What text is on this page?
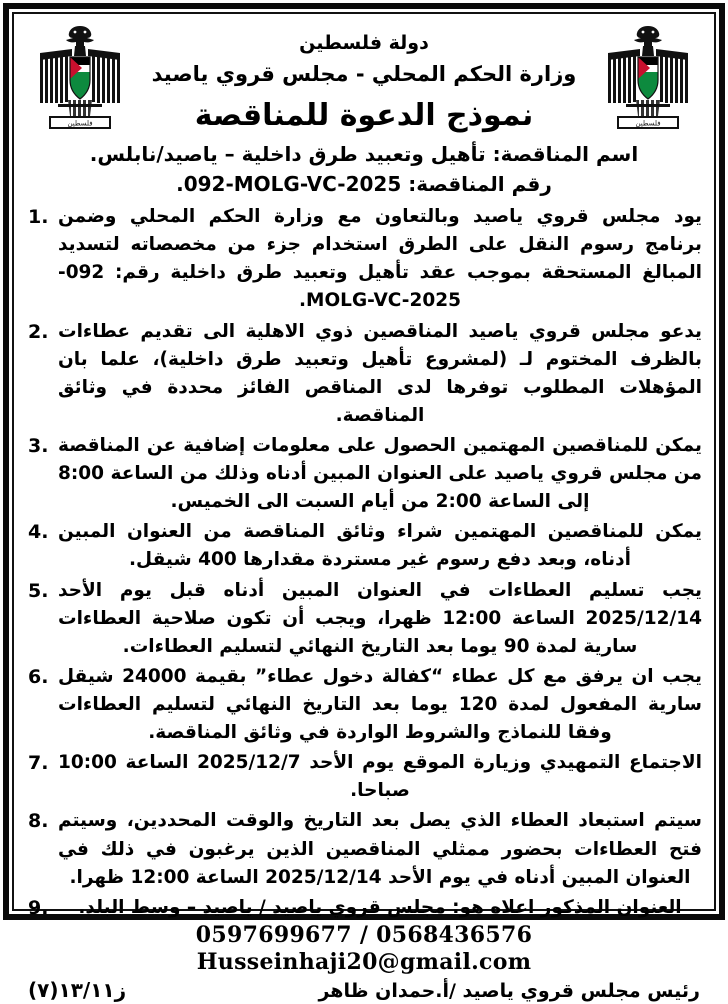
فلسطين
دولة فلسطين
وزارة الحكم المحلي - مجلس قروي ياصيد
نموذج الدعوة للمناقصة
فلسطين
اسم المناقصة: تأهيل وتعبيد طرق داخلية – ياصيد/نابلس.
رقم المناقصة: 092-MOLG-VC-2025.
يود مجلس قروي ياصيد وبالتعاون مع وزارة الحكم المحلي وضمن برنامج رسوم النقل على الطرق استخدام جزء من مخصصاته لتسديد المبالغ المستحقة بموجب عقد تأهيل وتعبيد طرق داخلية رقم: 092-MOLG-VC-2025.
1.
يدعو مجلس قروي ياصيد المناقصين ذوي الاهلية الى تقديم عطاءات بالظرف المختوم لـ (لمشروع تأهيل وتعبيد طرق داخلية)، علما بان المؤهلات المطلوب توفرها لدى المناقص الفائز محددة في وثائق المناقصة.
2.
يمكن للمناقصين المهتمين الحصول على معلومات إضافية عن المناقصة من مجلس قروي ياصيد على العنوان المبين أدناه وذلك من الساعة 8:00 إلى الساعة 2:00 من أيام السبت الى الخميس.
3.
يمكن للمناقصين المهتمين شراء وثائق المناقصة من العنوان المبين أدناه، وبعد دفع رسوم غير مستردة مقدارها 400 شيقل.
4.
يجب تسليم العطاءات في العنوان المبين أدناه قبل يوم الأحد 2025/12/14 الساعة 12:00 ظهرا، ويجب أن تكون صلاحية العطاءات سارية لمدة 90 يوما بعد التاريخ النهائي لتسليم العطاءات.
5.
يجب ان يرفق مع كل عطاء “كفالة دخول عطاء” بقيمة 24000 شيقل سارية المفعول لمدة 120 يوما بعد التاريخ النهائي لتسليم العطاءات وفقا للنماذج والشروط الواردة في وثائق المناقصة.
6.
الاجتماع التمهيدي وزيارة الموقع يوم الأحد 2025/12/7 الساعة 10:00 صباحا.
7.
سيتم استبعاد العطاء الذي يصل بعد التاريخ والوقت المحددين، وسيتم فتح العطاءات بحضور ممثلي المناقصين الذين يرغبون في ذلك في العنوان المبين أدناه في يوم الأحد 2025/12/14 الساعة 12:00 ظهرا.
8.
العنوان المذكور اعلاه هو: مجلس قروي ياصيد / ياصيد – وسط البلد.
9.
0597699677 / 0568436576
Husseinhaji20@gmail.com
رئيس مجلس قروي ياصيد /أ.حمدان ظاهر
ز١٣/١١(٧)
